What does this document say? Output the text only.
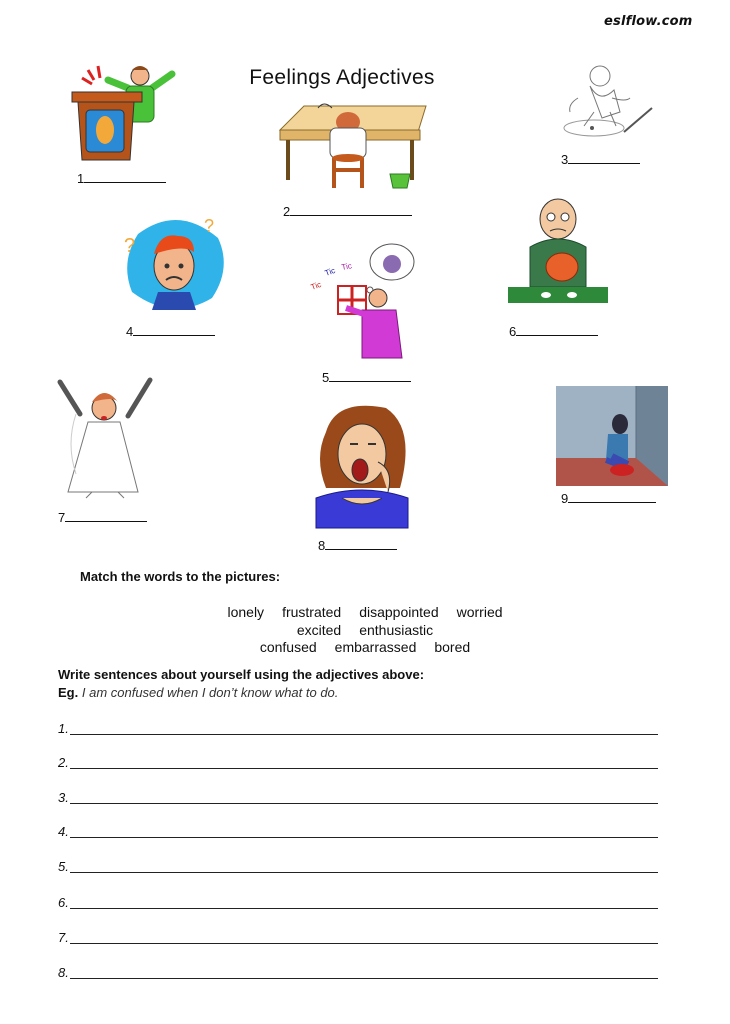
eslflow.com
Feelings Adjectives
1
2
3
?
?
4
Tic
Tic Tic
5
6
7
8
9
Match the words to the pictures:
lonely frustrated disappointed worried
excited enthusiastic
confused embarrassed bored
Write sentences about yourself using the adjectives above:
Eg. I am confused when I don’t know what to do.
1.
2.
3.
4.
5.
6.
7.
8.
